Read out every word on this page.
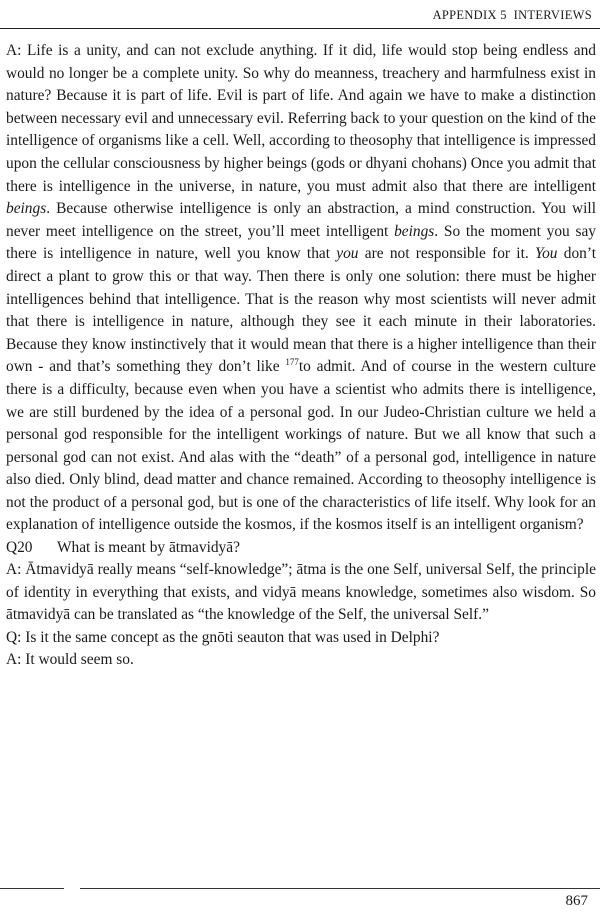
APPENDIX 5 INTERVIEWS

A: Life is a unity, and can not exclude anything. If it did, life would stop being endless and would no longer be a complete unity. So why do meanness, treachery and harmfulness exist in nature? Because it is part of life. Evil is part of life. And again we have to make a distinction between necessary evil and unnecessary evil. Referring back to your question on the kind of the intelligence of organisms like a cell. Well, according to theosophy that intelligence is impressed upon the cellular consciousness by higher beings (gods or dhyani chohans) Once you admit that there is intelligence in the universe, in nature, you must admit also that there are intelligent beings. Because otherwise intelligence is only an abstraction, a mind construction. You will never meet intelligence on the street, you’ll meet intelligent beings. So the moment you say there is intelligence in nature, well you know that you are not responsible for it. You don’t direct a plant to grow this or that way. Then there is only one solution: there must be higher intelligences behind that intelligence. That is the reason why most scientists will never admit that there is intelligence in nature, although they see it each minute in their laboratories. Because they know instinctively that it would mean that there is a higher intelligence than their own - and that’s something they don’t like $^{177}$to admit. And of course in the western culture there is a difficulty, because even when you have a scientist who admits there is intelligence, we are still burdened by the idea of a personal god. In our Judeo-Christian culture we held a personal god responsible for the intelligent workings of nature. But we all know that such a personal god can not exist. And alas with the “death” of a personal god, intelligence in nature also died. Only blind, dead matter and chance remained. According to theosophy intelligence is not the product of a personal god, but is one of the characteristics of life itself. Why look for an explanation of intelligence outside the kosmos, if the kosmos itself is an intelligent organism?

Q20 What is meant by ātmavidyā?

A: Ātmavidyā really means “self-knowledge”; ātma is the one Self, universal Self, the principle of identity in everything that exists, and vidyā means knowledge, sometimes also wisdom. So ātmavidyā can be translated as “the knowledge of the Self, the universal Self.”

Q: Is it the same concept as the gnōti seauton that was used in Delphi?

A: It would seem so.

867
